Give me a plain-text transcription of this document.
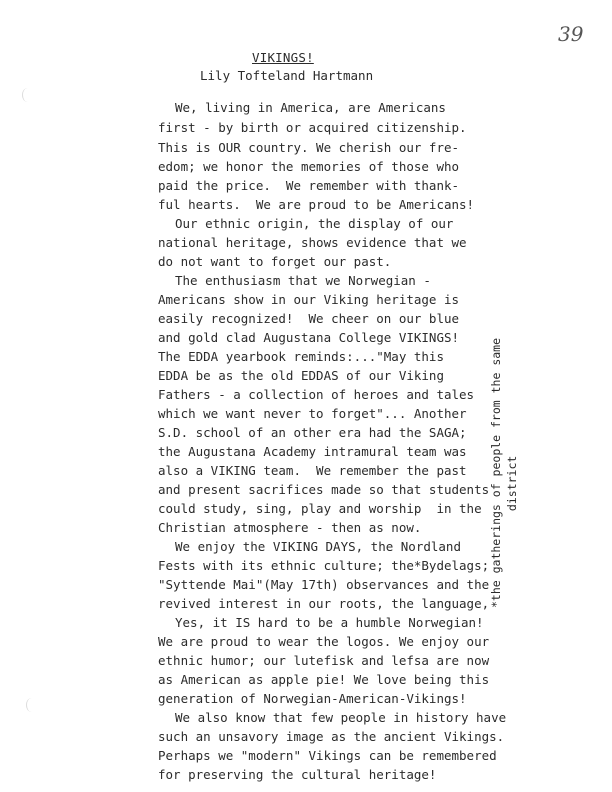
39
VIKINGS!
Lily Tofteland Hartmann
We, living in America, are Americans
first - by birth or acquired citizenship.
This is OUR country. We cherish our fre-
edom; we honor the memories of those who
paid the price.  We remember with thank-
ful hearts.  We are proud to be Americans!
Our ethnic origin, the display of our
national heritage, shows evidence that we
do not want to forget our past.
The enthusiasm that we Norwegian -
Americans show in our Viking heritage is
easily recognized!  We cheer on our blue
and gold clad Augustana College VIKINGS!
The EDDA yearbook reminds:..."May this
EDDA be as the old EDDAS of our Viking
Fathers - a collection of heroes and tales
which we want never to forget"... Another
S.D. school of an other era had the SAGA;
the Augustana Academy intramural team was
also a VIKING team.  We remember the past
and present sacrifices made so that students
could study, sing, play and worship  in the
Christian atmosphere - then as now.
We enjoy the VIKING DAYS, the Nordland
Fests with its ethnic culture; the*Bydelags;
"Syttende Mai"(May 17th) observances and the
revived interest in our roots, the language,
Yes, it IS hard to be a humble Norwegian!
We are proud to wear the logos. We enjoy our
ethnic humor; our lutefisk and lefsa are now
as American as apple pie! We love being this
generation of Norwegian-American-Vikings!
We also know that few people in history have
such an unsavory image as the ancient Vikings.
Perhaps we "modern" Vikings can be remembered
for preserving the cultural heritage!
*the gatherings of people from the same
district
